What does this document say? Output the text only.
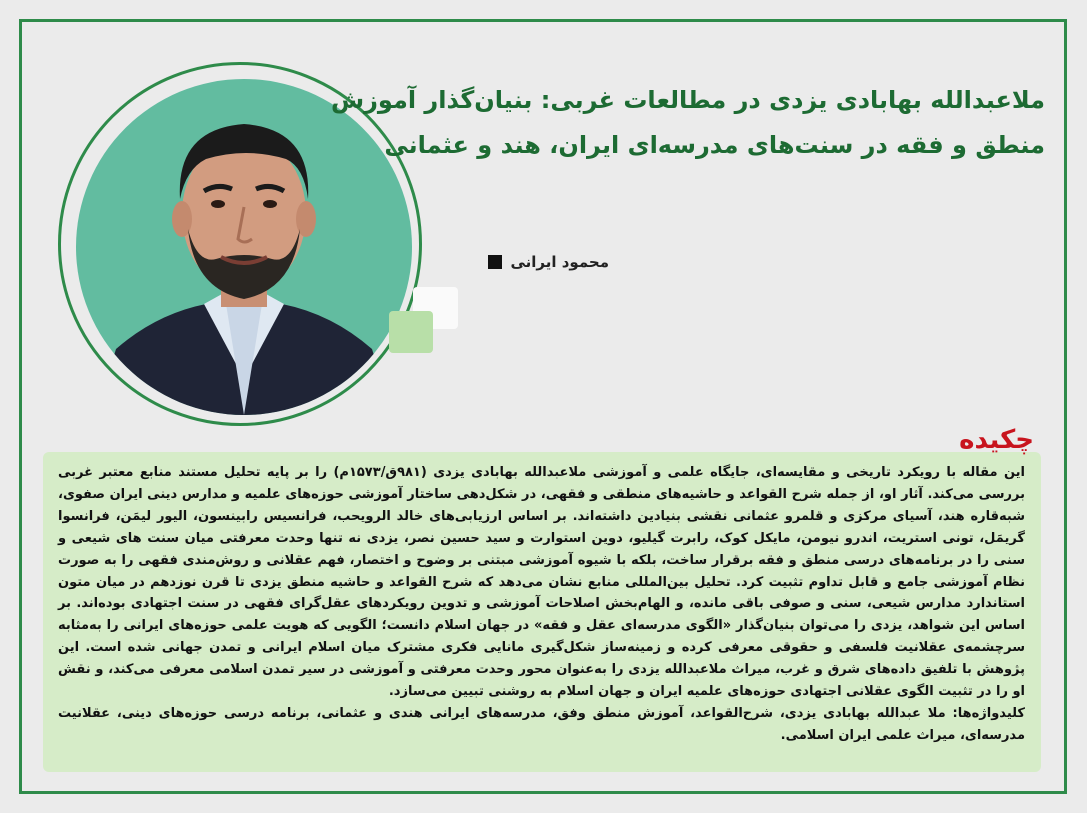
ملاعبدالله بهابادی یزدی در مطالعات غربی: بنیان‌گذار آموزش
منطق و فقه در سنت‌های مدرسه‌ای ایران، هند و عثمانی
محمود ایرانی
چکیده

این مقاله با رویکرد تاریخی و مقایسه‌ای، جایگاه علمی و آموزشی ملاعبدالله بهابادی یزدی (۹۸۱ق/۱۵۷۳م) را بر پایه تحلیل مستند منابع معتبر غربی بررسی می‌کند. آثار او، از جمله شرح القواعد و حاشیه‌های منطقی و فقهی، در شکل‌دهی ساختار آموزشی حوزه‌های علمیه و مدارس دینی ایران صفوی، شبه‌قاره هند، آسیای مرکزی و قلمرو عثمانی نقشی بنیادین داشته‌اند. بر اساس ارزیابی‌های خالد الرویحب، فرانسیس رابینسون، الیور لیمَن، فرانسوا گریمَل، تونی استریت، اندرو نیومن، مایکل کوک، رابرت گیلیو، دوین استوارت و سید حسین نصر، یزدی نه تنها وحدت معرفتی میان سنت های شیعی و سنی را در برنامه‌های درسی منطق و فقه برقرار ساخت، بلکه با شیوه آموزشی مبتنی بر وضوح و اختصار، فهم عقلانی و روش‌مندی فقهی را به صورت نظام آموزشی جامع و قابل تداوم تثبیت کرد. تحلیل بین‌المللی منابع نشان می‌دهد که شرح القواعد و حاشیه منطق یزدی تا قرن نوزدهم در میان متون استاندارد مدارس شیعی، سنی و صوفی باقی مانده، و الهام‌بخش اصلاحات آموزشی و تدوین رویکردهای عقل‌گرای فقهی در سنت اجتهادی بوده‌اند. بر اساس این شواهد، یزدی را می‌توان بنیان‌گذار «الگوی مدرسه‌ای عقل و فقه» در جهان اسلام دانست؛ الگویی که هویت علمی حوزه‌های ایرانی را به‌مثابه سرچشمه‌ی عقلانیت فلسفی و حقوقی معرفی کرده و زمینه‌ساز شکل‌گیری مانایی فکری مشترک میان اسلام ایرانی و تمدن جهانی شده است. این پژوهش با تلفیق داده‌های شرق و غرب، میراث ملاعبدالله یزدی را به‌عنوان محور وحدت معرفتی و آموزشی در سیر تمدن اسلامی معرفی می‌کند، و نقش او را در تثبیت الگوی عقلانی اجتهادی حوزه‌های علمیه ایران و جهان اسلام به روشنی تبیین می‌سازد.

کلیدواژه‌ها: ملا عبدالله بهابادی یزدی، شرح‌القواعد، آموزش منطق وفق، مدرسه‌های ایرانی هندی و عثمانی، برنامه درسی حوزه‌های دینی، عقلانیت مدرسه‌ای، میراث علمی ایران اسلامی.
